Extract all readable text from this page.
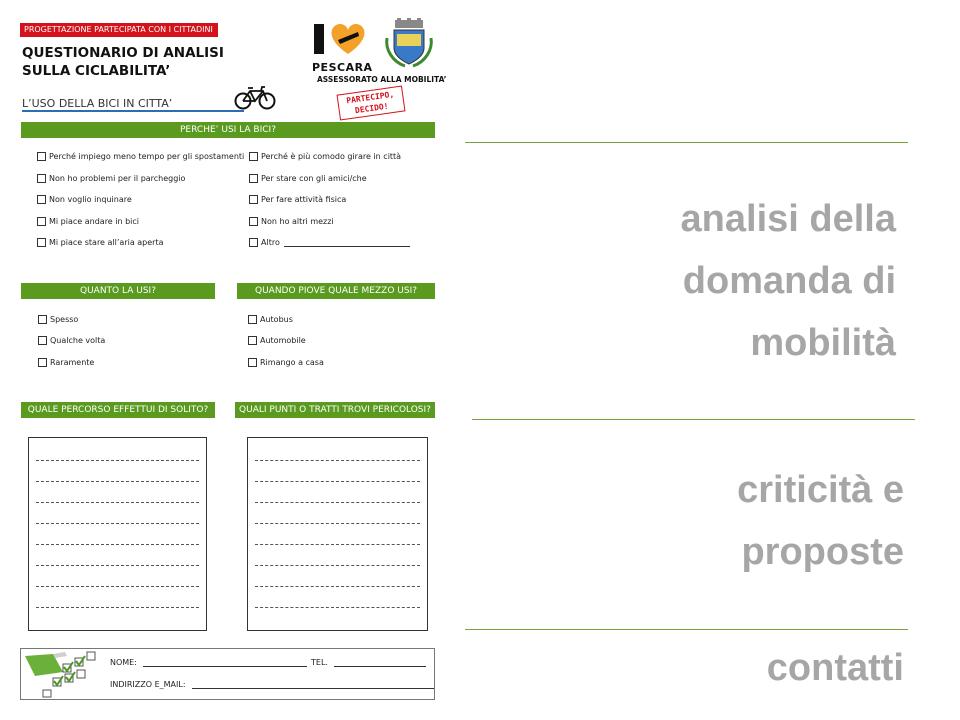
PROGETTAZIONE PARTECIPATA CON I CITTADINI
QUESTIONARIO DI ANALISI
SULLA CICLABILITA’
L’USO DELLA BICI IN CITTA’
PESCARA
ASSESSORATO ALLA MOBILITA’
PARTECIPO,
DECIDO!
PERCHE’ USI LA BICI?
Perché impiego meno tempo per gli spostamenti
Non ho problemi per il parcheggio
Non voglio inquinare
Mi piace andare in bici
Mi piace stare all’aria aperta
Perché è più comodo girare in città
Per stare con gli amici/che
Per fare attività fisica
Non ho altri mezzi
Altro
QUANTO LA USI?	QUANDO PIOVE QUALE MEZZO USI?
Spesso
Qualche volta
Raramente
Autobus
Automobile
Rimango a casa
QUALE PERCORSO EFFETTUI DI SOLITO?	QUALI PUNTI O TRATTI TROVI PERICOLOSI?
NOME:	TEL.
INDIRIZZO E_MAIL:
analisi della
domanda di
mobilità
criticità e
proposte
contatti
